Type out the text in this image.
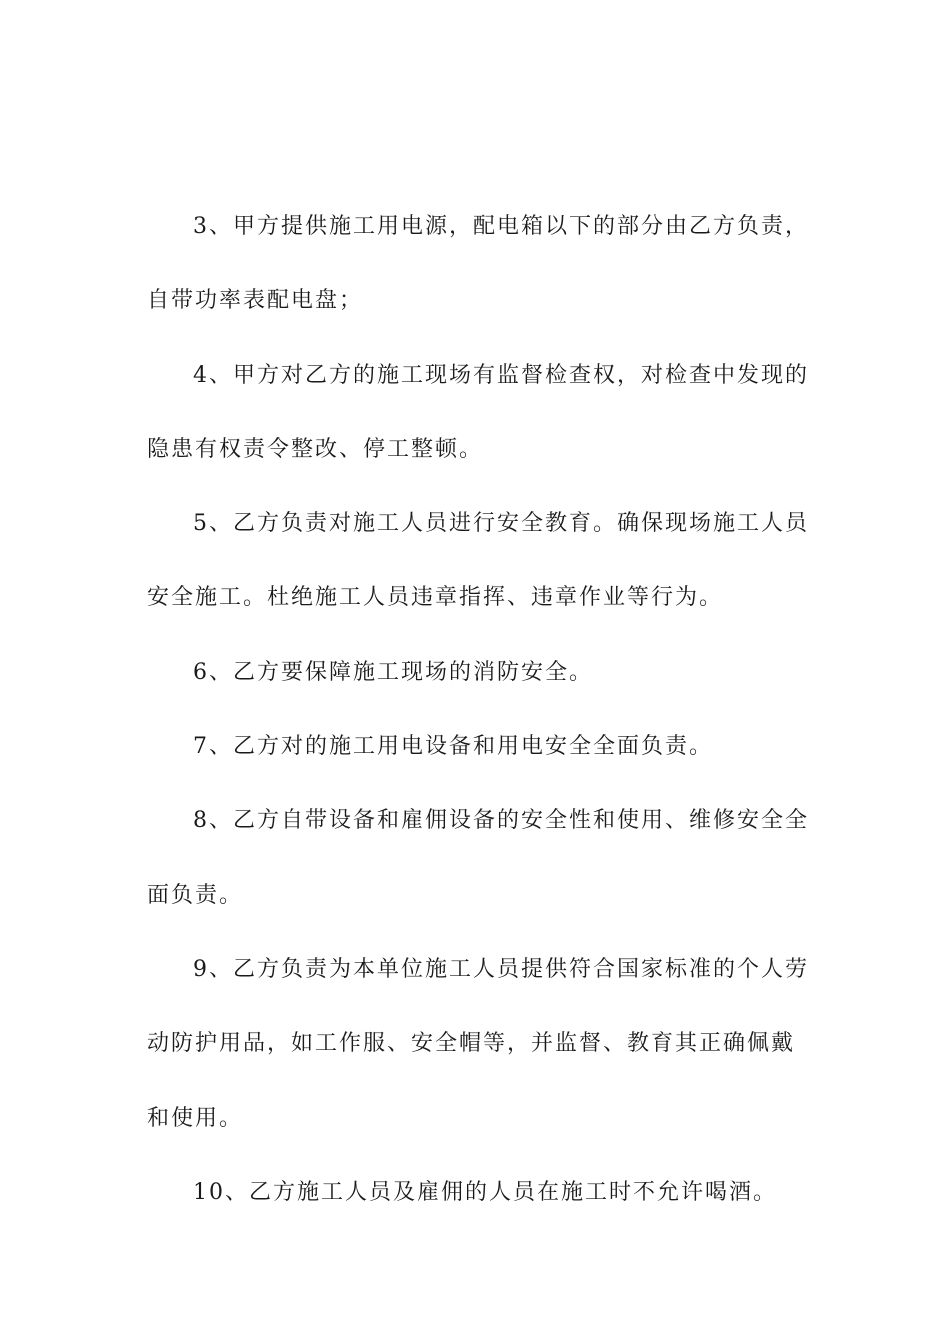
3、甲方提供施工用电源，配电箱以下的部分由乙方负责，
自带功率表配电盘；
4、甲方对乙方的施工现场有监督检查权，对检查中发现的
隐患有权责令整改、停工整顿。
5、乙方负责对施工人员进行安全教育。确保现场施工人员
安全施工。杜绝施工人员违章指挥、违章作业等行为。
6、乙方要保障施工现场的消防安全。
7、乙方对的施工用电设备和用电安全全面负责。
8、乙方自带设备和雇佣设备的安全性和使用、维修安全全
面负责。
9、乙方负责为本单位施工人员提供符合国家标准的个人劳
动防护用品，如工作服、安全帽等，并监督、教育其正确佩戴
和使用。
10、乙方施工人员及雇佣的人员在施工时不允许喝酒。
